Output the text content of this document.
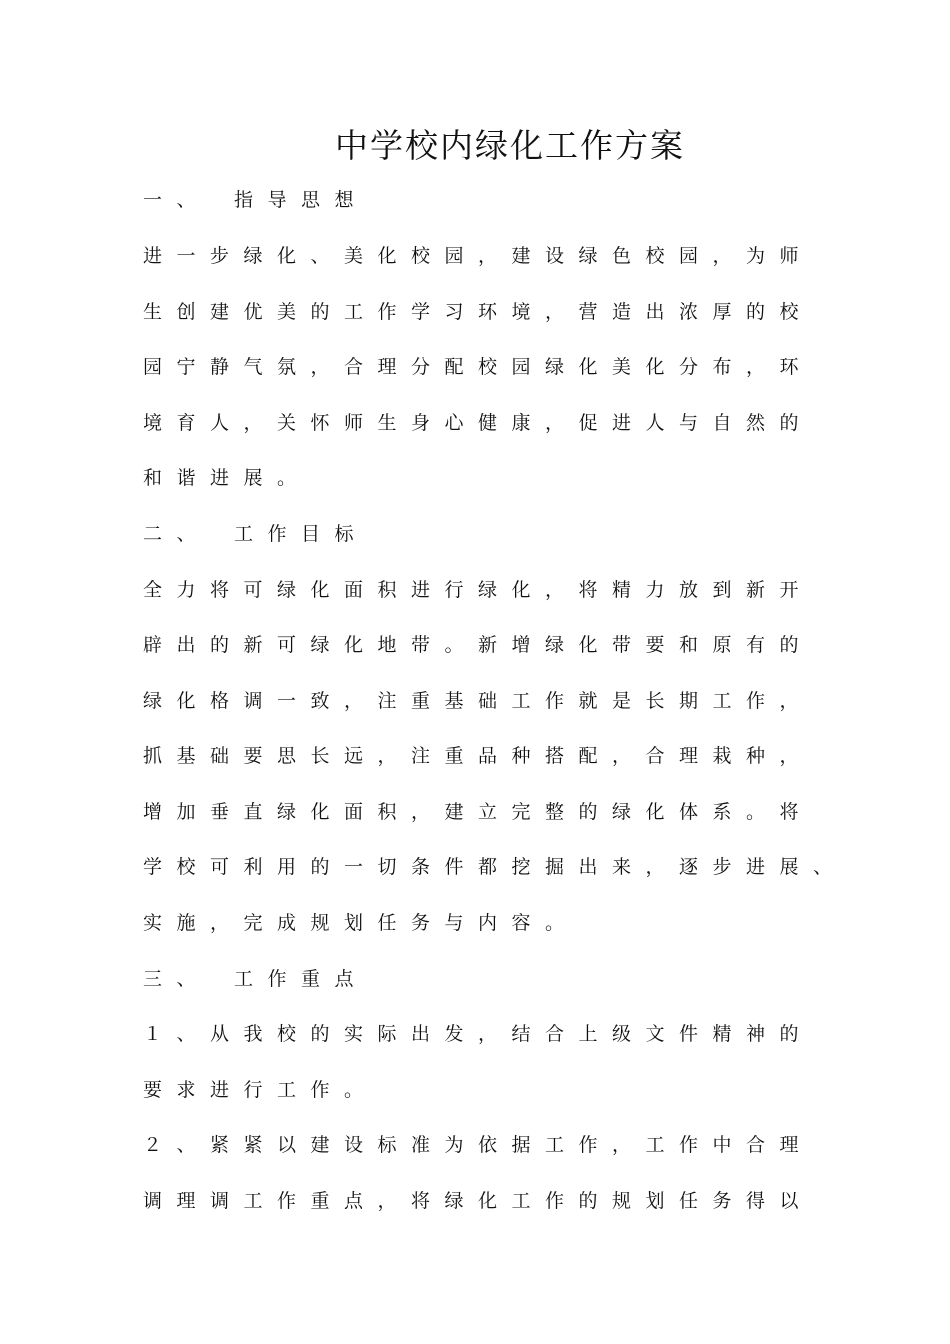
中学校内绿化工作方案
一、　指导思想
进一步绿化、美化校园，建设绿色校园，为师
生创建优美的工作学习环境，营造出浓厚的校
园宁静气氛，合理分配校园绿化美化分布，环
境育人，关怀师生身心健康，促进人与自然的
和谐进展。
二、　工作目标
全力将可绿化面积进行绿化，将精力放到新开
辟出的新可绿化地带。新增绿化带要和原有的
绿化格调一致，注重基础工作就是长期工作，
抓基础要思长远，注重品种搭配，合理栽种，
增加垂直绿化面积，建立完整的绿化体系。将
学校可利用的一切条件都挖掘出来，逐步进展、
实施，完成规划任务与内容。
三、　工作重点
１、从我校的实际出发，结合上级文件精神的
要求进行工作。
２、紧紧以建设标准为依据工作，工作中合理
调理调工作重点，将绿化工作的规划任务得以
